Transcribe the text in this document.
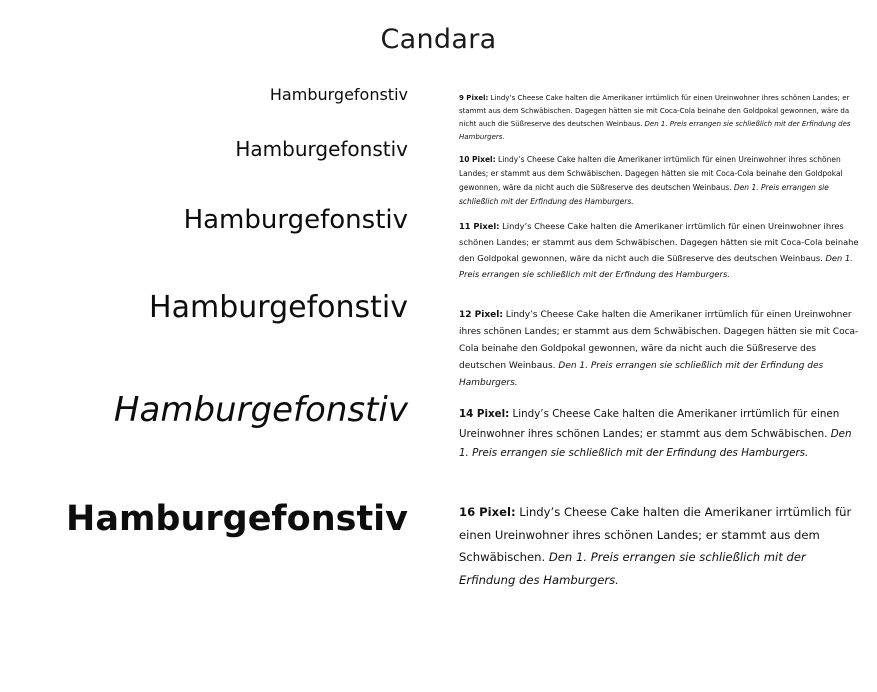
Candara
Hamburgefonstiv
Hamburgefonstiv
Hamburgefonstiv
Hamburgefonstiv
Hamburgefonstiv
Hamburgefonstiv

9 Pixel: Lindy’s Cheese Cake halten die Amerikaner irrtümlich für einen Ureinwohner ihres schönen Landes; er stammt aus dem Schwäbischen. Dagegen hätten sie mit Coca-Cola beinahe den Goldpokal gewonnen, wäre da nicht auch die Süßreserve des deutschen Weinbaus. Den 1. Preis errangen sie schließlich mit der Erfindung des Hamburgers.

10 Pixel: Lindy’s Cheese Cake halten die Amerikaner irrtümlich für einen Ureinwohner ihres schönen Landes; er stammt aus dem Schwäbischen. Dagegen hätten sie mit Coca-Cola beinahe den Goldpokal gewonnen, wäre da nicht auch die Süßreserve des deutschen Weinbaus. Den 1. Preis errangen sie schließlich mit der Erfindung des Hamburgers.

11 Pixel: Lindy’s Cheese Cake halten die Amerikaner irrtümlich für einen Ureinwohner ihres schönen Landes; er stammt aus dem Schwäbischen. Dagegen hätten sie mit Coca-Cola beinahe den Goldpokal gewonnen, wäre da nicht auch die Süßreserve des deutschen Weinbaus. Den 1. Preis errangen sie schließlich mit der Erfindung des Hamburgers.

12 Pixel: Lindy’s Cheese Cake halten die Amerikaner irrtümlich für einen Ureinwohner ihres schönen Landes; er stammt aus dem Schwäbischen. Dagegen hätten sie mit Coca-Cola beinahe den Goldpokal gewonnen, wäre da nicht auch die Süßreserve des deutschen Weinbaus. Den 1. Preis errangen sie schließlich mit der Erfindung des Hamburgers.

14 Pixel: Lindy’s Cheese Cake halten die Amerikaner irrtümlich für einen Ureinwohner ihres schönen Landes; er stammt aus dem Schwäbischen. Den 1. Preis errangen sie schließlich mit der Erfindung des Hamburgers.

16 Pixel: Lindy’s Cheese Cake halten die Amerikaner irrtümlich für einen Ureinwohner ihres schönen Landes; er stammt aus dem Schwäbischen. Den 1. Preis errangen sie schließlich mit der Erfindung des Hamburgers.
